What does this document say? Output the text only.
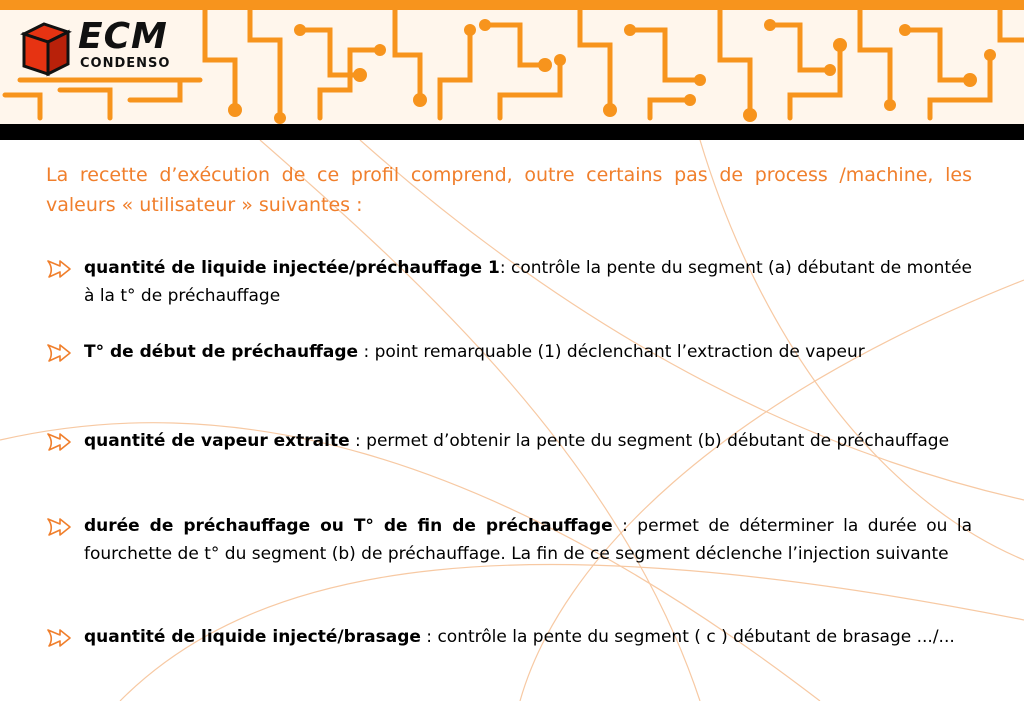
ECM
CONDENSO
La recette d’exécution de ce profil comprend, outre certains pas de process /machine, les valeurs « utilisateur » suivantes :
quantité de liquide injectée/préchauffage 1: contrôle la pente du segment (a) débutant de montée à la t° de préchauffage
T° de début de préchauffage : point remarquable (1) déclenchant l’extraction de vapeur
quantité de vapeur extraite : permet d’obtenir la pente du segment (b) débutant de préchauffage
durée de préchauffage ou T° de fin de préchauffage : permet de déterminer la durée ou la fourchette de t° du segment (b) de préchauffage. La fin de ce segment déclenche l’injection suivante
quantité de liquide injecté/brasage : contrôle la pente du segment ( c ) débutant de brasage .../...
